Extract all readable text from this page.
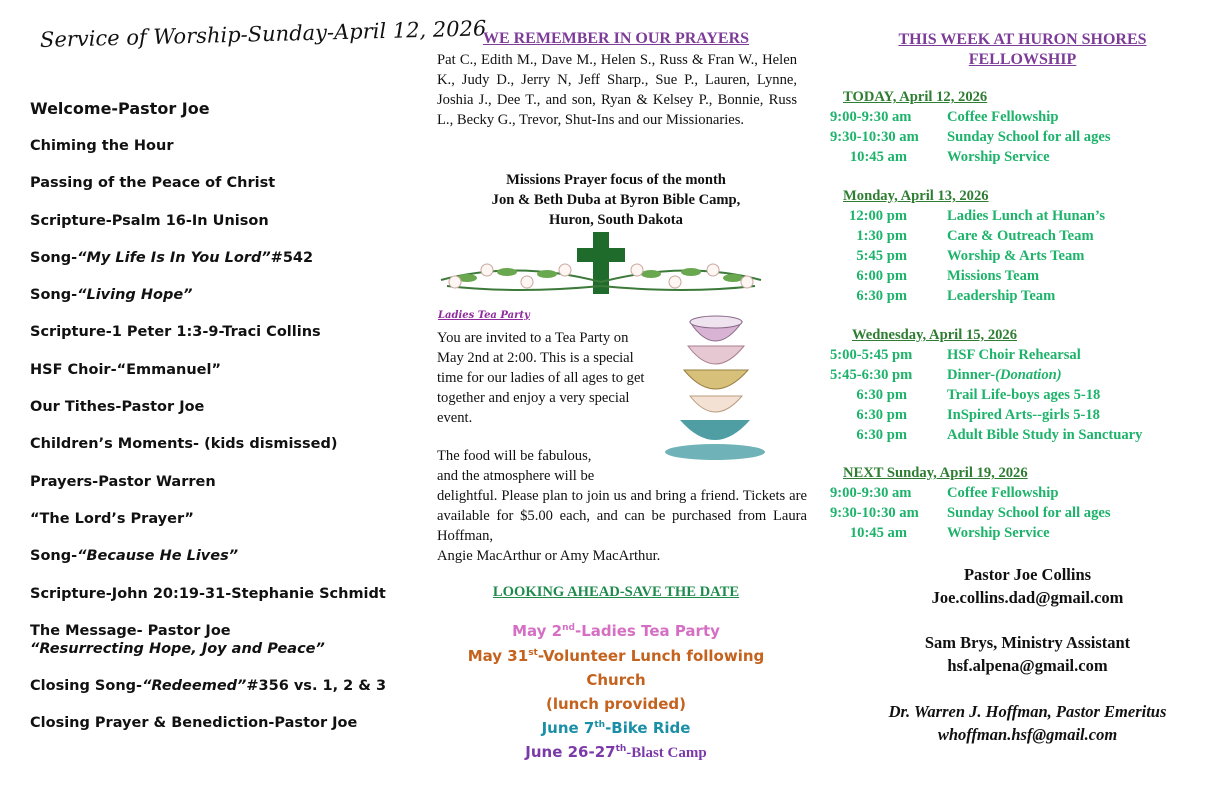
Service of Worship-Sunday-April 12, 2026
Welcome-Pastor Joe
Chiming the Hour
Passing of the Peace of Christ
Scripture-Psalm 16-In Unison
Song- “My Life Is In You Lord” #542
Song- “Living Hope”
Scripture-1 Peter 1:3-9-Traci Collins
HSF Choir-“Emmanuel”
Our Tithes-Pastor Joe
Children’s Moments- (kids dismissed)
Prayers-Pastor Warren
“The Lord’s Prayer”
Song- “Because He Lives”
Scripture-John 20:19-31-Stephanie Schmidt
The Message- Pastor Joe
“Resurrecting Hope, Joy and Peace”
Closing Song- “Redeemed” #356 vs. 1, 2 & 3
Closing Prayer & Benediction-Pastor Joe
WE REMEMBER IN OUR PRAYERS
Pat C., Edith M., Dave M., Helen S., Russ & Fran W., Helen K., Judy D., Jerry N, Jeff Sharp., Sue P., Lauren, Lynne, Joshia J., Dee T., and son, Ryan & Kelsey P., Bonnie, Russ L., Becky G., Trevor, Shut-Ins and our Missionaries.
Missions Prayer focus of the month
Jon & Beth Duba at Byron Bible Camp,
Huron, South Dakota
Ladies Tea Party
You are invited to a Tea Party on May 2nd at 2:00. This is a special time for our ladies of all ages to get together and enjoy a very special event.
The food will be fabulous,
and the atmosphere will be
delightful. Please plan to join us and bring a friend. Tickets are available for $5.00 each, and can be purchased from Laura Hoffman,
Angie MacArthur or Amy MacArthur.
LOOKING AHEAD-SAVE THE DATE
May 2nd-Ladies Tea Party
May 31st-Volunteer Lunch following
Church
(lunch provided)
June 7th-Bike Ride
June 26-27th-Blast Camp
THIS WEEK AT HURON SHORES FELLOWSHIP
TODAY, April 12, 2026
9:00-9:30 am	Coffee Fellowship
9:30-10:30 am	Sunday School for all ages
10:45 am	Worship Service
Monday, April 13, 2026
12:00 pm	Ladies Lunch at Hunan’s
1:30 pm	Care & Outreach Team
5:45 pm	Worship & Arts Team
6:00 pm	Missions Team
6:30 pm	Leadership Team
Wednesday, April 15, 2026
5:00-5:45 pm	HSF Choir Rehearsal
5:45-6:30 pm	Dinner-(Donation)
6:30 pm	Trail Life-boys ages 5-18
6:30 pm	InSpired Arts--girls 5-18
6:30 pm	Adult Bible Study in Sanctuary
NEXT Sunday, April 19, 2026
9:00-9:30 am	Coffee Fellowship
9:30-10:30 am	Sunday School for all ages
10:45 am	Worship Service
Pastor Joe Collins
Joe.collins.dad@gmail.com
Sam Brys, Ministry Assistant
hsf.alpena@gmail.com
Dr. Warren J. Hoffman, Pastor Emeritus
whoffman.hsf@gmail.com
